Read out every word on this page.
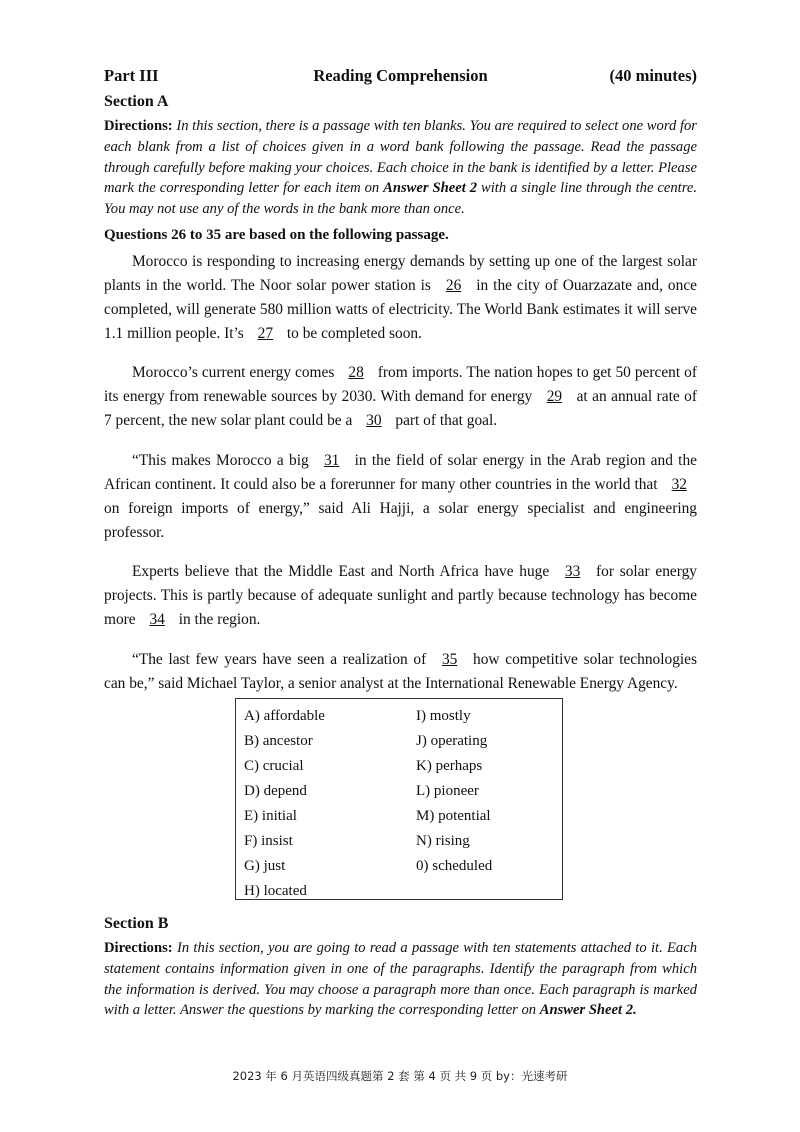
Part III	Reading Comprehension	(40 minutes)
Section A
Directions: In this section, there is a passage with ten blanks. You are required to select one word for each blank from a list of choices given in a word bank following the passage. Read the passage through carefully before making your choices. Each choice in the bank is identified by a letter. Please mark the corresponding letter for each item on Answer Sheet 2 with a single line through the centre. You may not use any of the words in the bank more than once.
Questions 26 to 35 are based on the following passage.

Morocco is responding to increasing energy demands by setting up one of the largest solar plants in the world. The Noor solar power station is 26 in the city of Ouarzazate and, once completed, will generate 580 million watts of electricity. The World Bank estimates it will serve 1.1 million people. It’s 27 to be completed soon.

Morocco’s current energy comes 28 from imports. The nation hopes to get 50 percent of its energy from renewable sources by 2030. With demand for energy 29 at an annual rate of 7 percent, the new solar plant could be a 30 part of that goal.

“This makes Morocco a big 31 in the field of solar energy in the Arab region and the African continent. It could also be a forerunner for many other countries in the world that 32 on foreign imports of energy,” said Ali Hajji, a solar energy specialist and engineering professor.

Experts believe that the Middle East and North Africa have huge 33 for solar energy projects. This is partly because of adequate sunlight and partly because technology has become more 34 in the region.

“The last few years have seen a realization of 35 how competitive solar technologies can be,” said Michael Taylor, a senior analyst at the International Renewable Energy Agency.

A) affordable
B) ancestor
C) crucial
D) depend
E) initial
F) insist
G) just
H) located
I) mostly
J) operating
K) perhaps
L) pioneer
M) potential
N) rising
0) scheduled
Section B
Directions: In this section, you are going to read a passage with ten statements attached to it. Each statement contains information given in one of the paragraphs. Identify the paragraph from which the information is derived. You may choose a paragraph more than once. Each paragraph is marked with a letter. Answer the questions by marking the corresponding letter on Answer Sheet 2.
2023 年 6 月英语四级真题第 2 套 第 4 页 共 9 页 by：光速考研
